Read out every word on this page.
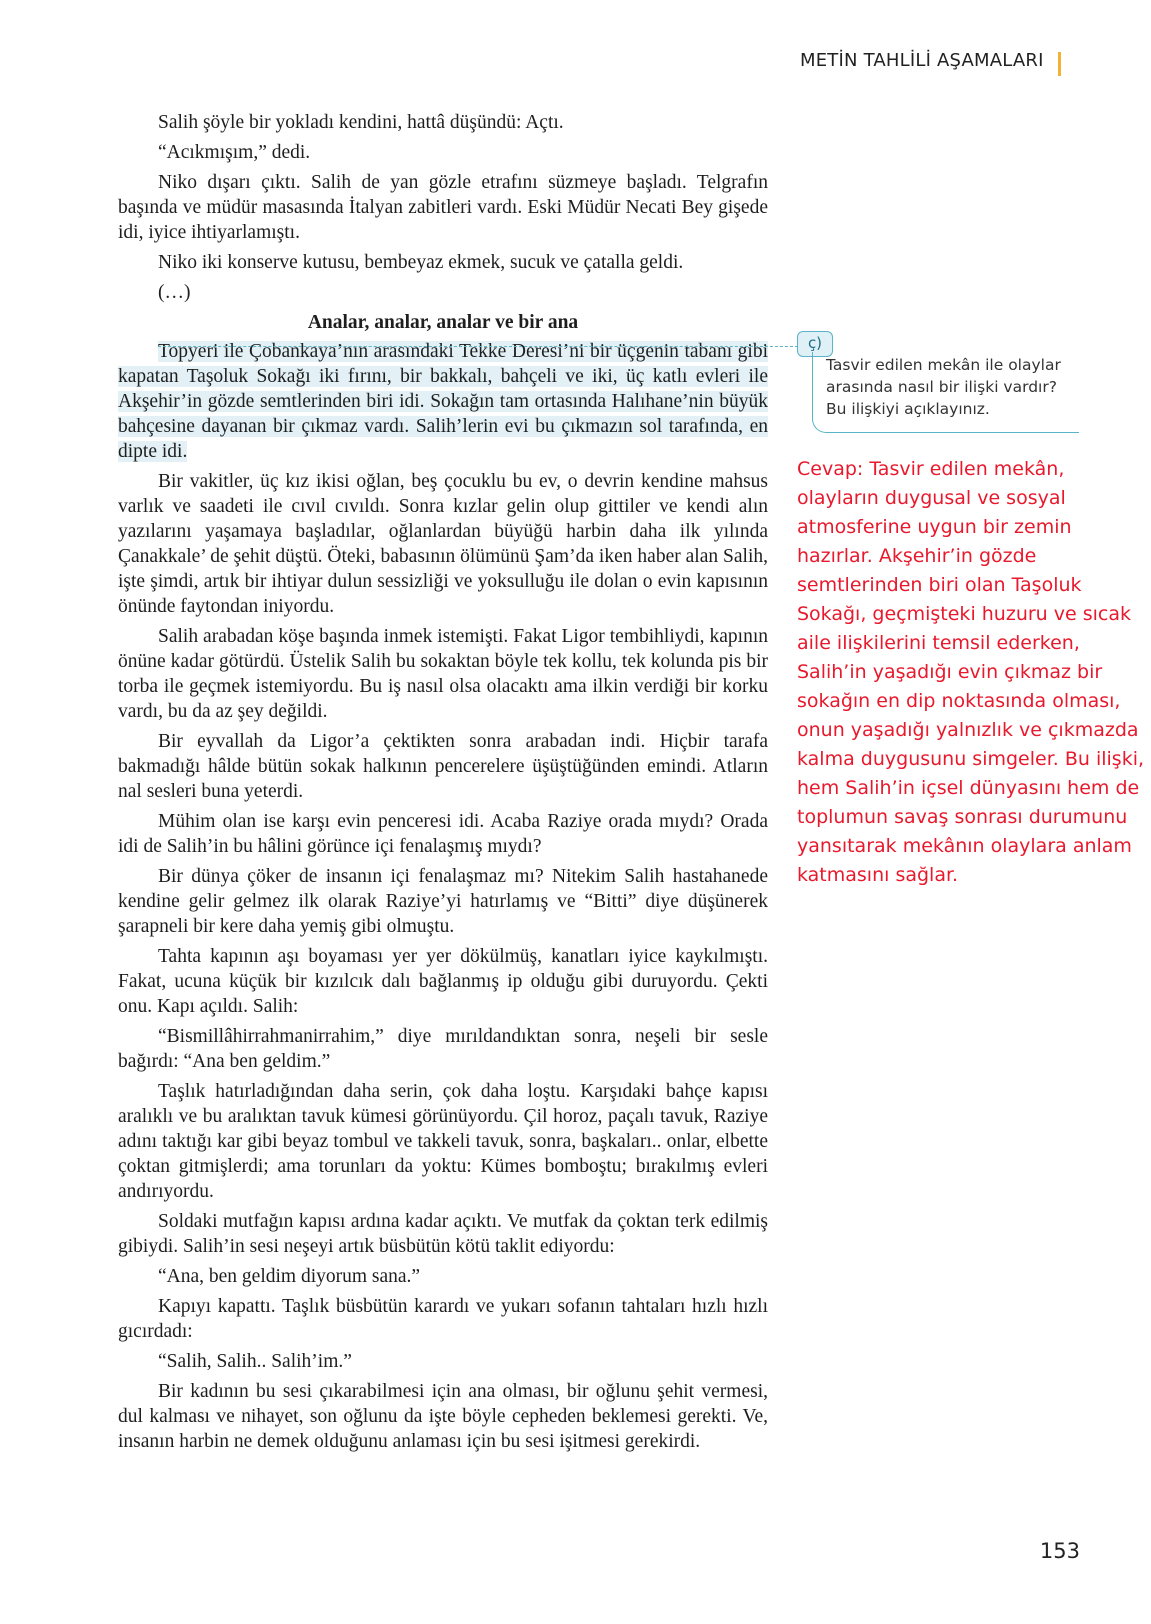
METİN TAHLİLİ AŞAMALARI

Salih şöyle bir yokladı kendini, hattâ düşündü: Açtı.

“Acıkmışım,” dedi.

Niko dışarı çıktı. Salih de yan gözle etrafını süzmeye başladı. Telgrafın başında ve müdür masasında İtalyan zabitleri vardı. Eski Müdür Necati Bey gişede idi, iyice ihtiyarlamıştı.

Niko iki konserve kutusu, bembeyaz ekmek, sucuk ve çatalla geldi.

(…)

Analar, analar, analar ve bir ana

Topyeri ile Çobankaya’nın arasındaki Tekke Deresi’ni bir üçgenin tabanı gibi kapatan Taşoluk Sokağı iki fırını, bir bakkalı, bahçeli ve iki, üç katlı evleri ile Akşehir’in gözde semtlerinden biri idi. Sokağın tam ortasında Halıhane’nin büyük bahçesine dayanan bir çıkmaz vardı. Salih’lerin evi bu çıkmazın sol tarafında, en dipte idi.

Bir vakitler, üç kız ikisi oğlan, beş çocuklu bu ev, o devrin kendine mahsus varlık ve saadeti ile cıvıl cıvıldı. Sonra kızlar gelin olup gittiler ve kendi alın yazılarını yaşamaya başladılar, oğlanlardan büyüğü harbin daha ilk yılında Çanakkale’ de şehit düştü. Öteki, babasının ölümünü Şam’da iken haber alan Salih, işte şimdi, artık bir ihtiyar dulun sessizliği ve yoksulluğu ile dolan o evin kapısının önünde faytondan iniyordu.

Salih arabadan köşe başında inmek istemişti. Fakat Ligor tembihliydi, kapının önüne kadar götürdü. Üstelik Salih bu sokaktan böyle tek kollu, tek kolunda pis bir torba ile geçmek istemiyordu. Bu iş nasıl olsa olacaktı ama ilkin verdiği bir korku vardı, bu da az şey değildi.

Bir eyvallah da Ligor’a çektikten sonra arabadan indi. Hiçbir tarafa bakmadığı hâlde bütün sokak halkının pencerelere üşüştüğünden emindi. Atların nal sesleri buna yeterdi.

Mühim olan ise karşı evin penceresi idi. Acaba Raziye orada mıydı? Orada idi de Salih’in bu hâlini görünce içi fenalaşmış mıydı?

Bir dünya çöker de insanın içi fenalaşmaz mı? Nitekim Salih hastahanede kendine gelir gelmez ilk olarak Raziye’yi hatırlamış ve “Bitti” diye düşünerek şarapneli bir kere daha yemiş gibi olmuştu.

Tahta kapının aşı boyaması yer yer dökülmüş, kanatları iyice kaykılmıştı. Fakat, ucuna küçük bir kızılcık dalı bağlanmış ip olduğu gibi duruyordu. Çekti onu. Kapı açıldı. Salih:

“Bismillâhirrahmanirrahim,” diye mırıldandıktan sonra, neşeli bir sesle bağırdı: “Ana ben geldim.”

Taşlık hatırladığından daha serin, çok daha loştu. Karşıdaki bahçe kapısı aralıklı ve bu aralıktan tavuk kümesi görünüyordu. Çil horoz, paçalı tavuk, Raziye adını taktığı kar gibi beyaz tombul ve takkeli tavuk, sonra, başkaları.. onlar, elbette çoktan gitmişlerdi; ama torunları da yoktu: Kümes bomboştu; bırakılmış evleri andırıyordu.

Soldaki mutfağın kapısı ardına kadar açıktı. Ve mutfak da çoktan terk edilmiş gibiydi. Salih’in sesi neşeyi artık büsbütün kötü taklit ediyordu:

“Ana, ben geldim diyorum sana.”

Kapıyı kapattı. Taşlık büsbütün karardı ve yukarı sofanın tahtaları hızlı hızlı gıcırdadı:

“Salih, Salih.. Salih’im.”

Bir kadının bu sesi çıkarabilmesi için ana olması, bir oğlunu şehit vermesi, dul kalması ve nihayet, son oğlunu da işte böyle cepheden beklemesi gerekti. Ve, insanın harbin ne demek olduğunu anlaması için bu sesi işitmesi gerekirdi.

ç)
Tasvir edilen mekân ile olaylar arasında nasıl bir ilişki vardır? Bu ilişkiyi açıklayınız.
Cevap: Tasvir edilen mekân, olayların duygusal ve sosyal atmosferine uygun bir zemin hazırlar. Akşehir’in gözde semtlerinden biri olan Taşoluk Sokağı, geçmişteki huzuru ve sıcak aile ilişkilerini temsil ederken, Salih’in yaşadığı evin çıkmaz bir sokağın en dip noktasında olması, onun yaşadığı yalnızlık ve çıkmazda kalma duygusunu simgeler. Bu ilişki, hem Salih’in içsel dünyasını hem de toplumun savaş sonrası durumunu yansıtarak mekânın olaylara anlam katmasını sağlar.
153
